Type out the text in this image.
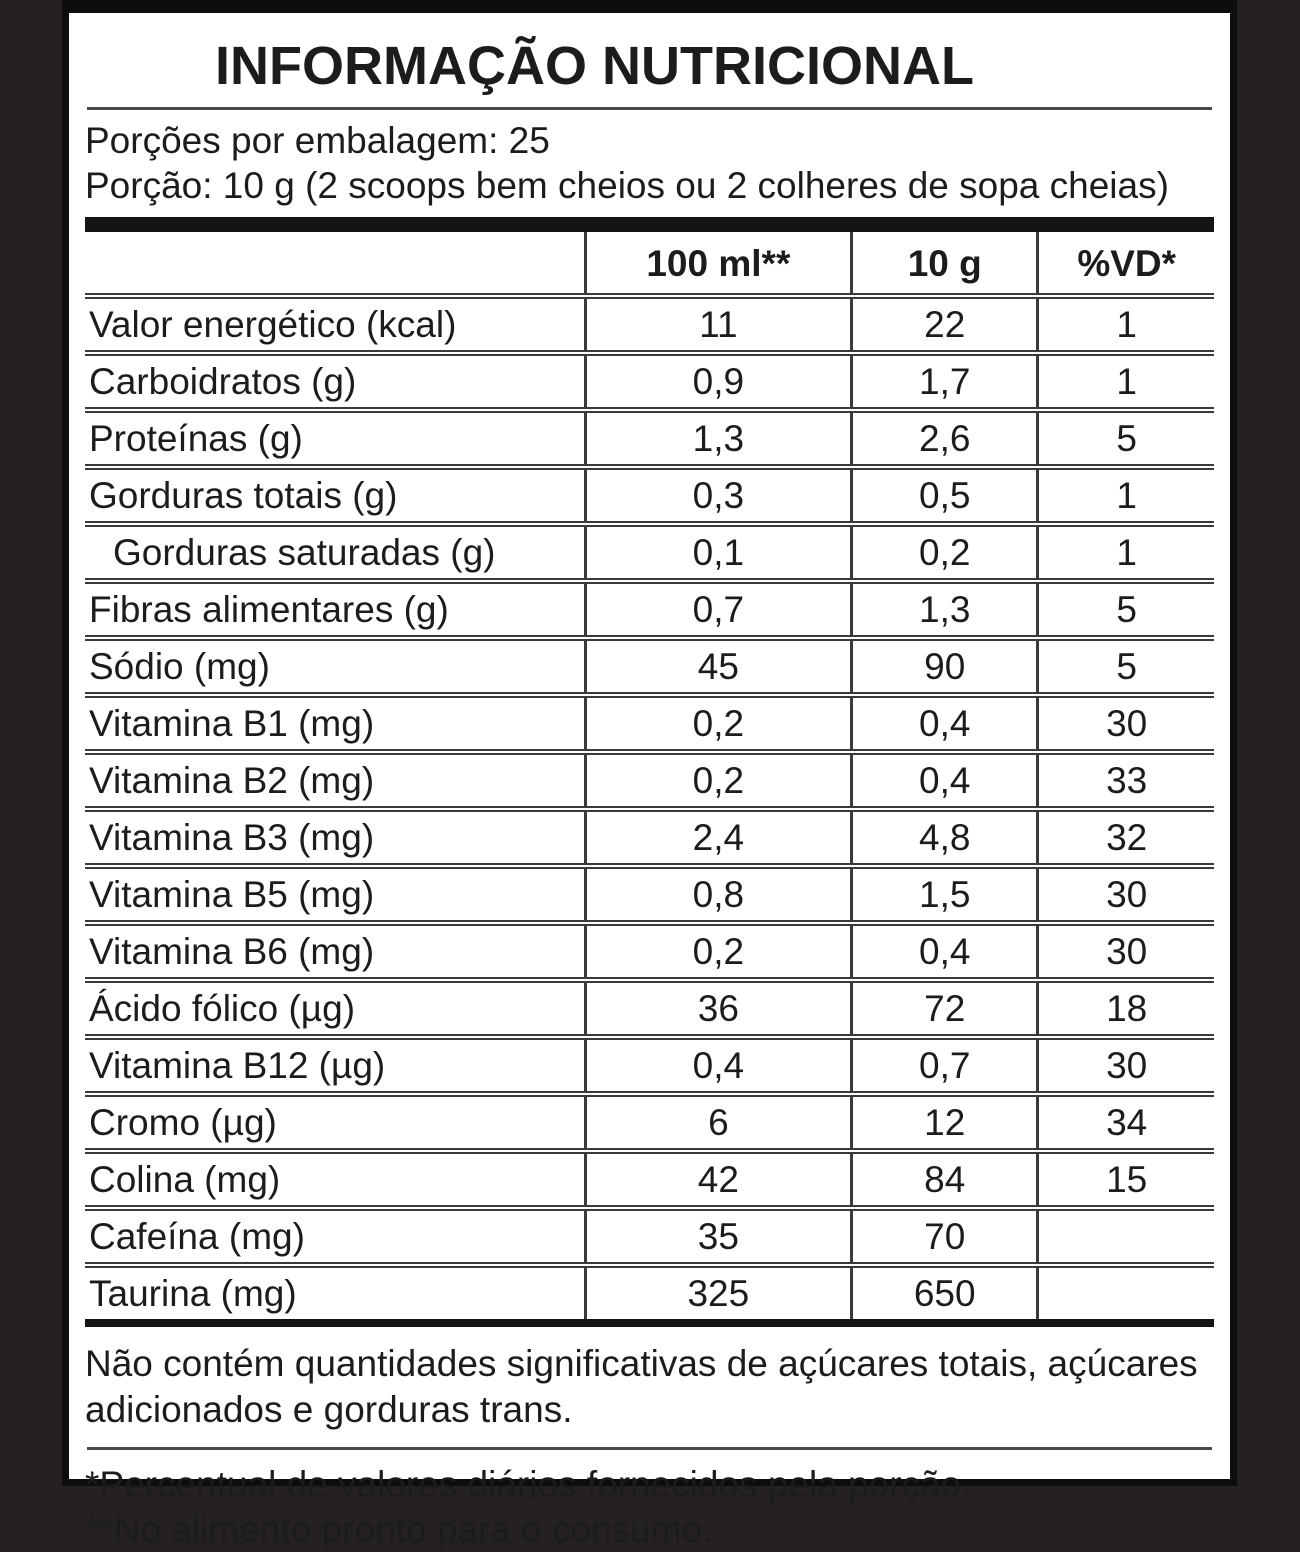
INFORMAÇÃO NUTRICIONAL
Porções por embalagem: 25
Porção: 10 g (2 scoops bem cheios ou 2 colheres de sopa cheias)
	100 ml**	10 g	%VD*
Valor energético (kcal)	11	22	1
Carboidratos (g)	0,9	1,7	1
Proteínas (g)	1,3	2,6	5
Gorduras totais (g)	0,3	0,5	1
Gorduras saturadas (g)	0,1	0,2	1
Fibras alimentares (g)	0,7	1,3	5
Sódio (mg)	45	90	5
Vitamina B1 (mg)	0,2	0,4	30
Vitamina B2 (mg)	0,2	0,4	33
Vitamina B3 (mg)	2,4	4,8	32
Vitamina B5 (mg)	0,8	1,5	30
Vitamina B6 (mg)	0,2	0,4	30
Ácido fólico (µg)	36	72	18
Vitamina B12 (µg)	0,4	0,7	30
Cromo (µg)	6	12	34
Colina (mg)	42	84	15
Cafeína (mg)	35	70	
Taurina (mg)	325	650	

Não contém quantidades significativas de açúcares totais, açúcares adicionados e gorduras trans.

*Percentual de valores diários fornecidos pela porção.

**No alimento pronto para o consumo.
